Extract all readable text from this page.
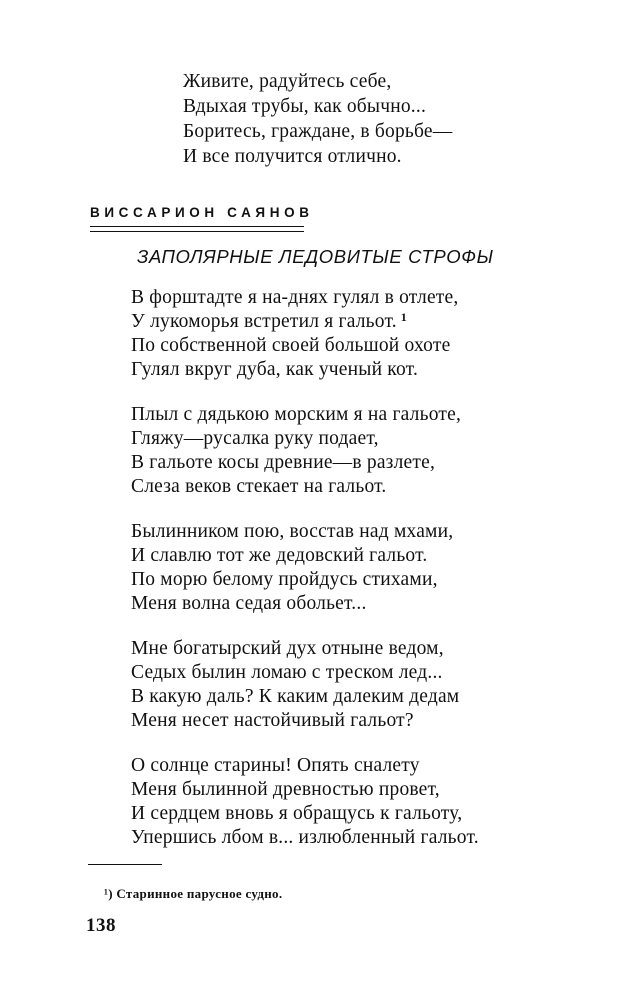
Живите, радуйтесь себе,
Вдыхая трубы, как обычно...
Боритесь, граждане, в борьбе—
И все получится отлично.
ВИССАРИОН САЯНОВ
ЗАПОЛЯРНЫЕ ЛЕДОВИТЫЕ СТРОФЫ
В форштадте я на-днях гулял в отлете,
У лукоморья встретил я гальот. $^1$
По собственной своей большой охоте
Гулял вкруг дуба, как ученый кот.
Плыл с дядькою морским я на гальоте,
Гляжу—русалка руку подает,
В гальоте косы древние—в разлете,
Слеза веков стекает на гальот.
Былинником пою, восстав над мхами,
И славлю тот же дедовский гальот.
По морю белому пройдусь стихами,
Меня волна седая обольет...
Мне богатырский дух отныне ведом,
Седых былин ломаю с треском лед...
В какую даль? К каким далеким дедам
Меня несет настойчивый гальот?
О солнце старины! Опять сналету
Меня былинной древностью провет,
И сердцем вновь я обращусь к гальоту,
Упершись лбом в... излюбленный гальот.
¹) Старинное парусное судно.
138
